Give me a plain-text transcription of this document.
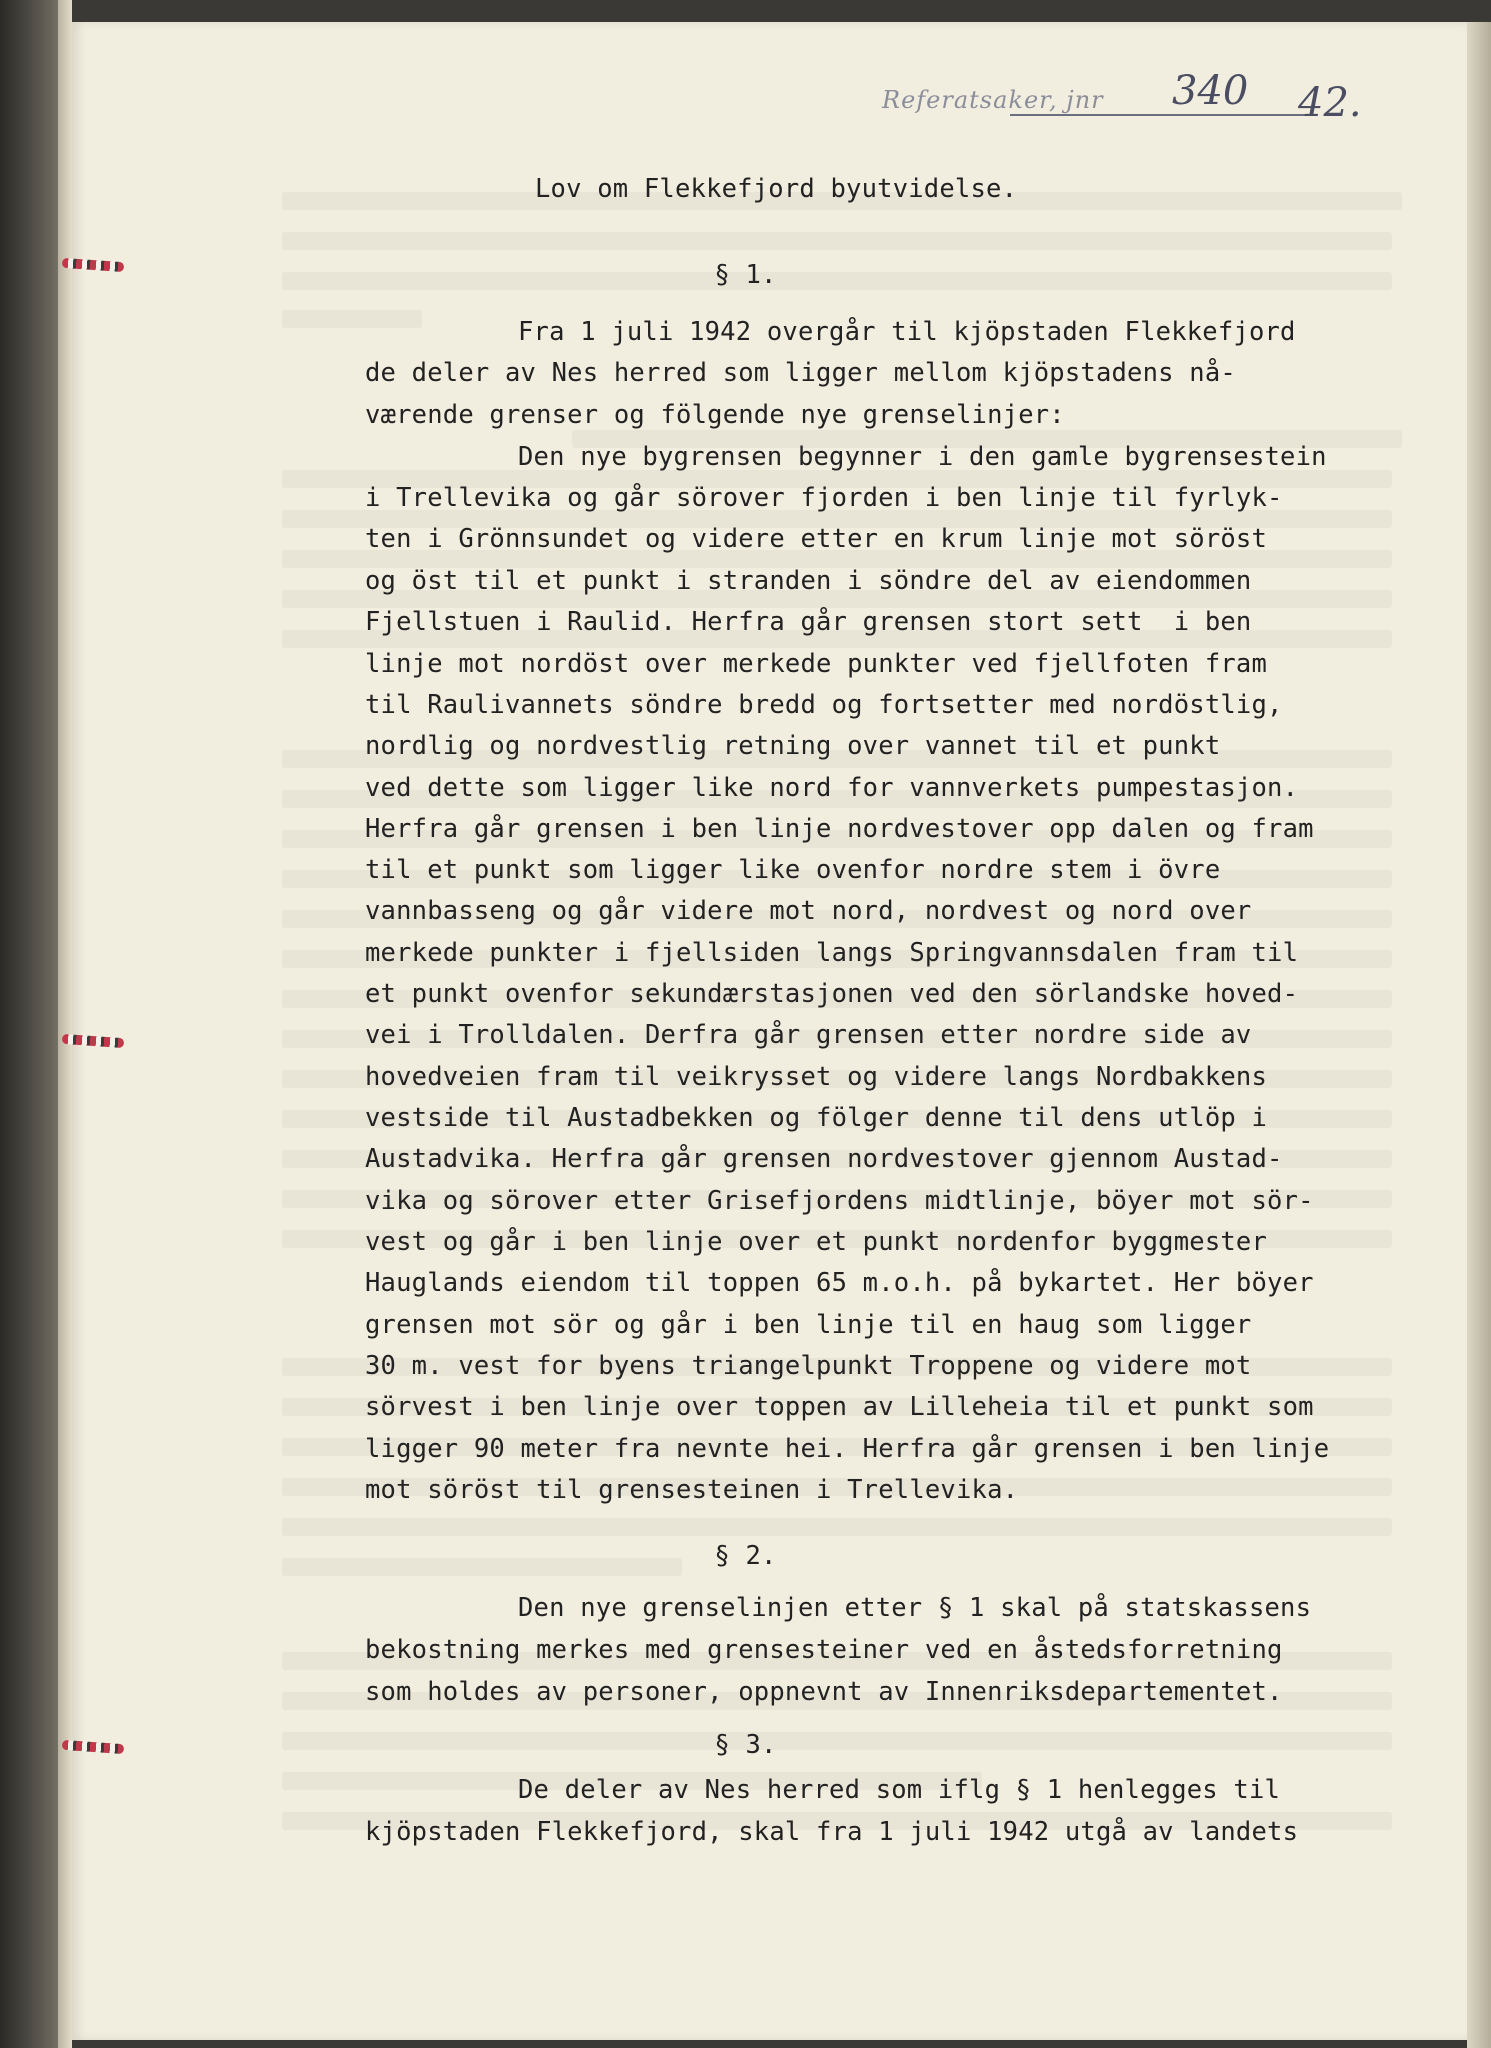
Referatsaker, jnr 340 42.
Lov om Flekkefjord byutvidelse.
§ 1.
Fra 1 juli 1942 overgår til kjöpstaden Flekkefjord
de deler av Nes herred som ligger mellom kjöpstadens nå-
værende grenser og fölgende nye grenselinjer:
Den nye bygrensen begynner i den gamle bygrensestein
i Trellevika og går sörover fjorden i ben linje til fyrlyk-
ten i Grönnsundet og videre etter en krum linje mot söröst
og öst til et punkt i stranden i söndre del av eiendommen
Fjellstuen i Raulid. Herfra går grensen stort sett  i ben
linje mot nordöst over merkede punkter ved fjellfoten fram
til Raulivannets söndre bredd og fortsetter med nordöstlig,
nordlig og nordvestlig retning over vannet til et punkt
ved dette som ligger like nord for vannverkets pumpestasjon.
Herfra går grensen i ben linje nordvestover opp dalen og fram
til et punkt som ligger like ovenfor nordre stem i övre
vannbasseng og går videre mot nord, nordvest og nord over
merkede punkter i fjellsiden langs Springvannsdalen fram til
et punkt ovenfor sekundærstasjonen ved den sörlandske hoved-
vei i Trolldalen. Derfra går grensen etter nordre side av
hovedveien fram til veikrysset og videre langs Nordbakkens
vestside til Austadbekken og fölger denne til dens utlöp i
Austadvika. Herfra går grensen nordvestover gjennom Austad-
vika og sörover etter Grisefjordens midtlinje, böyer mot sör-
vest og går i ben linje over et punkt nordenfor byggmester
Hauglands eiendom til toppen 65 m.o.h. på bykartet. Her böyer
grensen mot sör og går i ben linje til en haug som ligger
30 m. vest for byens triangelpunkt Troppene og videre mot
sörvest i ben linje over toppen av Lilleheia til et punkt som
ligger 90 meter fra nevnte hei. Herfra går grensen i ben linje
mot söröst til grensesteinen i Trellevika.
§ 2.
Den nye grenselinjen etter § 1 skal på statskassens
bekostning merkes med grensesteiner ved en åstedsforretning
som holdes av personer, oppnevnt av Innenriksdepartementet.
§ 3.
De deler av Nes herred som iflg § 1 henlegges til
kjöpstaden Flekkefjord, skal fra 1 juli 1942 utgå av landets
